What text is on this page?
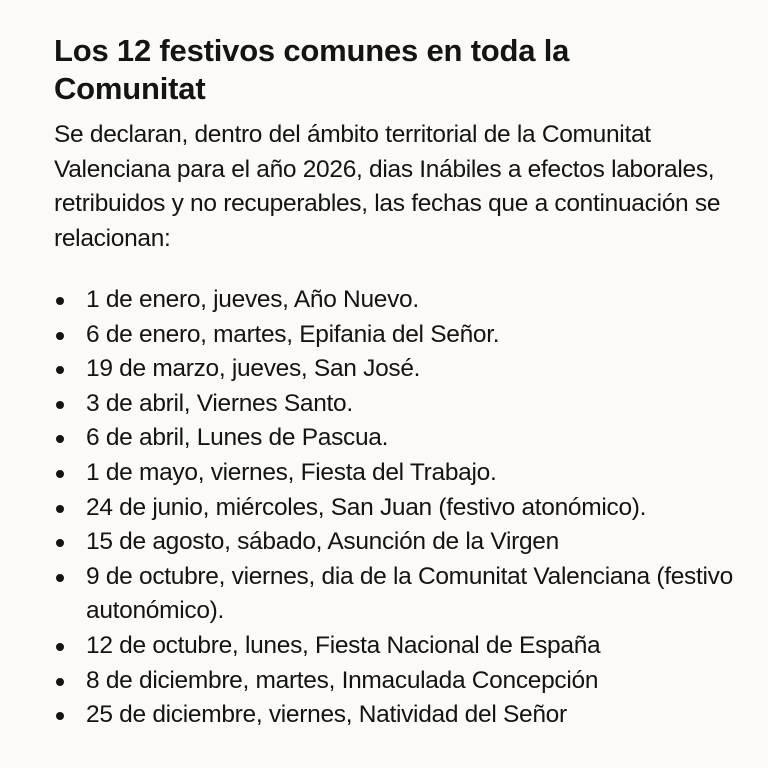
Los 12 festivos comunes en toda la Comunitat

Se declaran, dentro del ámbito territorial de la Comunitat Valenciana para el año 2026, dias Inábiles a efectos laborales, retribuidos y no recuperables, las fechas que a continuación se relacionan:

1 de enero, jueves, Año Nuevo.
6 de enero, martes, Epifania del Señor.
19 de marzo, jueves, San José.
3 de abril, Viernes Santo.
6 de abril, Lunes de Pascua.
1 de mayo, viernes, Fiesta del Trabajo.
24 de junio, miércoles, San Juan (festivo atonómico).
15 de agosto, sábado, Asunción de la Virgen
9 de octubre, viernes, dia de la Comunitat Valenciana (festivo autonómico).
12 de octubre, lunes, Fiesta Nacional de España
8 de diciembre, martes, Inmaculada Concepción
25 de diciembre, viernes, Natividad del Señor
